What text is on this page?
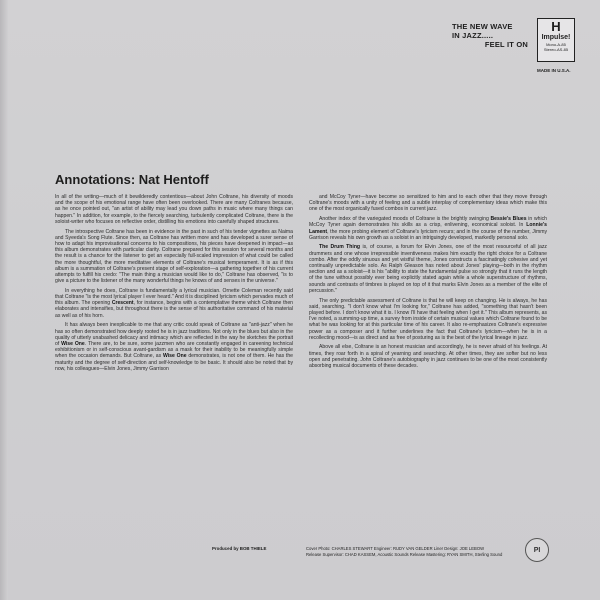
THE NEW WAVE
IN JAZZ.....
FEEL IT ON
H
Impulse!
Mono-A-85
Stereo-AS-85
MADE IN U.S.A.
Annotations: Nat Hentoff

In all of the writing—much of it bewilderedly contentious—about John Coltrane, his diversity of moods and the scope of his emotional range have often been overlooked. There are many Coltranes because, as he once pointed out, "an artist of ability may lead you down paths in music where many things can happen." In addition, for example, to the fiercely searching, turbulently complicated Coltrane, there is the soloist-writer who focuses on reflective order, distilling his emotions into carefully shaped structures.

The introspective Coltrane has been in evidence in the past in such of his tender vignettes as Naima and Syeeda's Song Flute. Since then, as Coltrane has written more and has developed a surer sense of how to adapt his improvisational concerns to his compositions, his pieces have deepened in impact—as this album demonstrates with particular clarity. Coltrane prepared for this session for several months and the result is a chance for the listener to get an especially full-scaled impression of what could be called the more thoughtful, the more meditative elements of Coltrane's musical temperament. It is as if this album is a summation of Coltrane's present stage of self-exploration—a gathering together of his current attempts to fulfill his credo: "The main thing a musician would like to do," Coltrane has observed, "is to give a picture to the listener of the many wonderful things he knows of and senses in the universe."

In everything he does, Coltrane is fundamentally a lyrical musician. Ornette Coleman recently said that Coltrane "is the most lyrical player I ever heard." And it is disciplined lyricism which pervades much of this album. The opening Crescent, for instance, begins with a contemplative theme which Coltrane then elaborates and intensifies, but throughout there is the sense of his authoritative command of his material as well as of his horn.

It has always been inexplicable to me that any critic could speak of Coltrane as "anti-jazz" when he has so often demonstrated how deeply rooted he is in jazz traditions. Not only in the blues but also in the quality of utterly unabashed delicacy and intimacy which are reflected in the way he sketches the portrait of Wise One. There are, to be sure, some jazzmen who are constantly engaged in careening technical exhibitionism or in self-conscious avant-gardism as a mask for their inability to be meaningfully simple when the occasion demands. But Coltrane, as Wise One demonstrates, is not one of them. He has the maturity and the degree of self-direction and self-knowledge to be basic. It should also be noted that by now, his colleagues—Elvin Jones, Jimmy Garrison

and McCoy Tyner—have become so sensitized to him and to each other that they move through Coltrane's moods with a unity of feeling and a subtle interplay of complementary ideas which make this one of the most organically fused combos in current jazz.

Another index of the variegated moods of Coltrane is the brightly swinging Bessie's Blues in which McCoy Tyner again demonstrates his skills as a crisp, enlivening, economical soloist. In Lonnie's Lament, the more probing element of Coltrane's lyricism recurs; and in the course of the number, Jimmy Garrison reveals his own growth as a soloist in an intriguingly developed, markedly personal solo.

The Drum Thing is, of course, a forum for Elvin Jones, one of the most resourceful of all jazz drummers and one whose irrepressible inventiveness makes him exactly the right choice for a Coltrane combo. After the oddly sinuous and yet wistful theme, Jones constructs a fascinatingly cohesive and yet continually unpredictable solo. As Ralph Gleason has noted about Jones' playing—both in the rhythm section and as a soloist—it is his "ability to state the fundamental pulse so strongly that it runs the length of the tune without possibly ever being explicitly stated again while a whole superstructure of rhythms, sounds and contrasts of timbres is played on top of it that marks Elvin Jones as a member of the elite of percussion."

The only predictable assessment of Coltrane is that he will keep on changing. He is always, he has said, searching. "I don't know what I'm looking for," Coltrane has added, "something that hasn't been played before. I don't know what it is. I know I'll have that feeling when I get it." This album represents, as I've noted, a summing-up time, a survey from inside of certain musical values which Coltrane found to be what he was looking for at this particular time of his career. It also re-emphasizes Coltrane's expressive power as a composer and it further underlines the fact that Coltrane's lyricism—when he is in a recollecting mood—is as direct and as free of posturing as is the best of the lyrical lineage in jazz.

Above all else, Coltrane is an honest musician and accordingly, he is never afraid of his feelings. At times, they roar forth in a spiral of yearning and searching. At other times, they are softer but no less open and penetrating. John Coltrane's autobiography in jazz continues to be one of the most consistently absorbing musical documents of these decades.

Produced by BOB THIELE	Cover Photo: CHARLES STEWART Engineer: RUDY VAN GELDER Liner Design: JOE LEBOW
Release Supervisor: CHAD KASSEM, Acoustic Sounds Release Mastering: RYAN SMITH, Sterling Sound
PI
